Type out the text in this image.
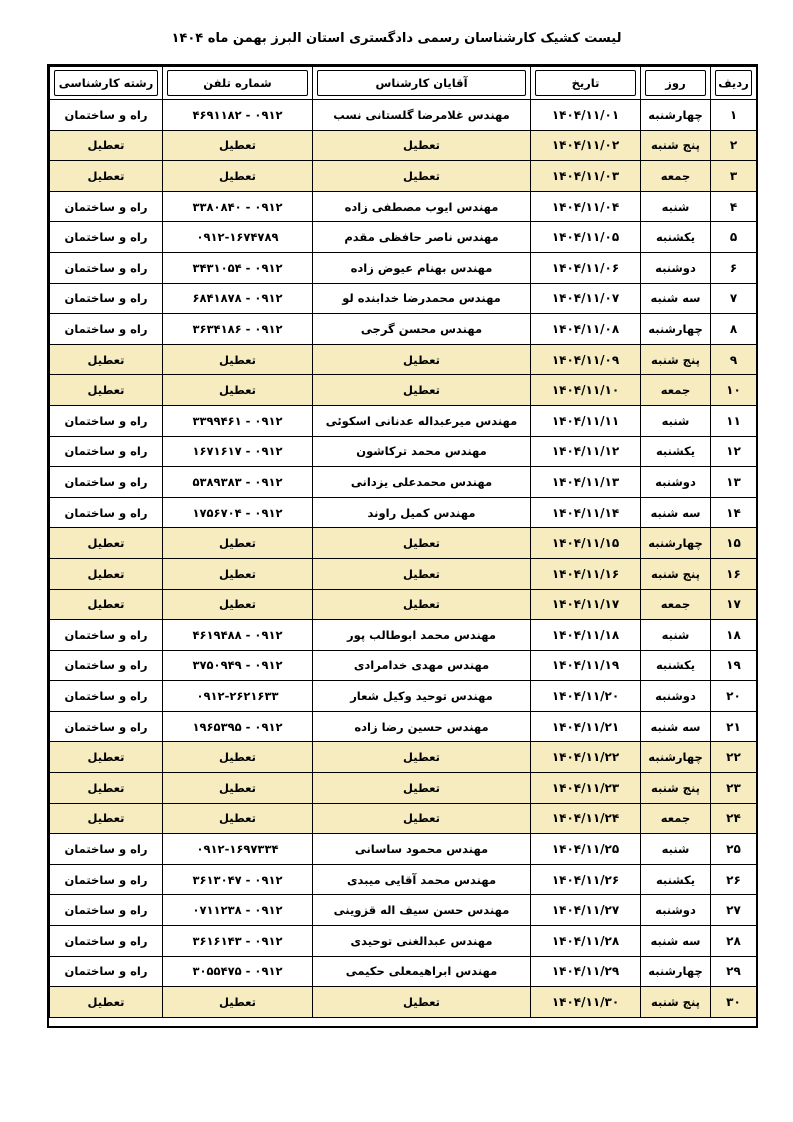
لیست کشیک کارشناسان رسمی دادگستری استان البرز بهمن ماه ۱۴۰۴
ردیف	روز	تاریخ	آقایان کارشناس	شماره تلفن	رشته کارشناسی

۱	چهارشنبه	۱۴۰۴/۱۱/۰۱	مهندس غلامرضا گلستانی نسب	۰۹۱۲ - ۴۶۹۱۱۸۲	راه و ساختمان
۲	پنج شنبه	۱۴۰۴/۱۱/۰۲	تعطیل	تعطیل	تعطیل
۳	جمعه	۱۴۰۴/۱۱/۰۳	تعطیل	تعطیل	تعطیل
۴	شنبه	۱۴۰۴/۱۱/۰۴	مهندس ایوب مصطفی زاده	۰۹۱۲ - ۳۳۸۰۸۴۰	راه و ساختمان
۵	یکشنبه	۱۴۰۴/۱۱/۰۵	مهندس ناصر حافظی مقدم	۰۹۱۲-۱۶۷۴۷۸۹	راه و ساختمان
۶	دوشنبه	۱۴۰۴/۱۱/۰۶	مهندس بهنام عیوض زاده	۰۹۱۲ - ۳۴۳۱۰۵۴	راه و ساختمان
۷	سه شنبه	۱۴۰۴/۱۱/۰۷	مهندس محمدرضا خدابنده لو	۰۹۱۲ - ۶۸۴۱۸۷۸	راه و ساختمان
۸	چهارشنبه	۱۴۰۴/۱۱/۰۸	مهندس محسن گرجی	۰۹۱۲ - ۳۶۳۴۱۸۶	راه و ساختمان
۹	پنج شنبه	۱۴۰۴/۱۱/۰۹	تعطیل	تعطیل	تعطیل
۱۰	جمعه	۱۴۰۴/۱۱/۱۰	تعطیل	تعطیل	تعطیل
۱۱	شنبه	۱۴۰۴/۱۱/۱۱	مهندس میرعبداله عدنانی اسکوئی	۰۹۱۲ - ۳۳۹۹۴۶۱	راه و ساختمان
۱۲	یکشنبه	۱۴۰۴/۱۱/۱۲	مهندس محمد ترکاشون	۰۹۱۲ - ۱۶۷۱۶۱۷	راه و ساختمان
۱۳	دوشنبه	۱۴۰۴/۱۱/۱۳	مهندس محمدعلی یزدانی	۰۹۱۲ - ۵۳۸۹۳۸۳	راه و ساختمان
۱۴	سه شنبه	۱۴۰۴/۱۱/۱۴	مهندس کمیل راوند	۰۹۱۲ - ۱۷۵۶۷۰۴	راه و ساختمان
۱۵	چهارشنبه	۱۴۰۴/۱۱/۱۵	تعطیل	تعطیل	تعطیل
۱۶	پنج شنبه	۱۴۰۴/۱۱/۱۶	تعطیل	تعطیل	تعطیل
۱۷	جمعه	۱۴۰۴/۱۱/۱۷	تعطیل	تعطیل	تعطیل
۱۸	شنبه	۱۴۰۴/۱۱/۱۸	مهندس محمد ابوطالب پور	۰۹۱۲ - ۴۶۱۹۴۸۸	راه و ساختمان
۱۹	یکشنبه	۱۴۰۴/۱۱/۱۹	مهندس مهدی خدامرادی	۰۹۱۲ - ۳۷۵۰۹۴۹	راه و ساختمان
۲۰	دوشنبه	۱۴۰۴/۱۱/۲۰	مهندس توحید وکیل شعار	۰۹۱۲-۲۶۲۱۶۳۳	راه و ساختمان
۲۱	سه شنبه	۱۴۰۴/۱۱/۲۱	مهندس حسین رضا زاده	۰۹۱۲ - ۱۹۶۵۳۹۵	راه و ساختمان
۲۲	چهارشنبه	۱۴۰۴/۱۱/۲۲	تعطیل	تعطیل	تعطیل
۲۳	پنج شنبه	۱۴۰۴/۱۱/۲۳	تعطیل	تعطیل	تعطیل
۲۴	جمعه	۱۴۰۴/۱۱/۲۴	تعطیل	تعطیل	تعطیل
۲۵	شنبه	۱۴۰۴/۱۱/۲۵	مهندس محمود ساسانی	۰۹۱۲-۱۶۹۷۳۳۴	راه و ساختمان
۲۶	یکشنبه	۱۴۰۴/۱۱/۲۶	مهندس محمد آقایی میبدی	۰۹۱۲ - ۳۶۱۳۰۴۷	راه و ساختمان
۲۷	دوشنبه	۱۴۰۴/۱۱/۲۷	مهندس حسن سیف اله قزوینی	۰۹۱۲ - ۰۷۱۱۲۳۸	راه و ساختمان
۲۸	سه شنبه	۱۴۰۴/۱۱/۲۸	مهندس عبدالغنی توحیدی	۰۹۱۲ - ۳۶۱۶۱۴۳	راه و ساختمان
۲۹	چهارشنبه	۱۴۰۴/۱۱/۲۹	مهندس ابراهیمعلی حکیمی	۰۹۱۲ - ۳۰۵۵۴۷۵	راه و ساختمان
۳۰	پنج شنبه	۱۴۰۴/۱۱/۳۰	تعطیل	تعطیل	تعطیل
